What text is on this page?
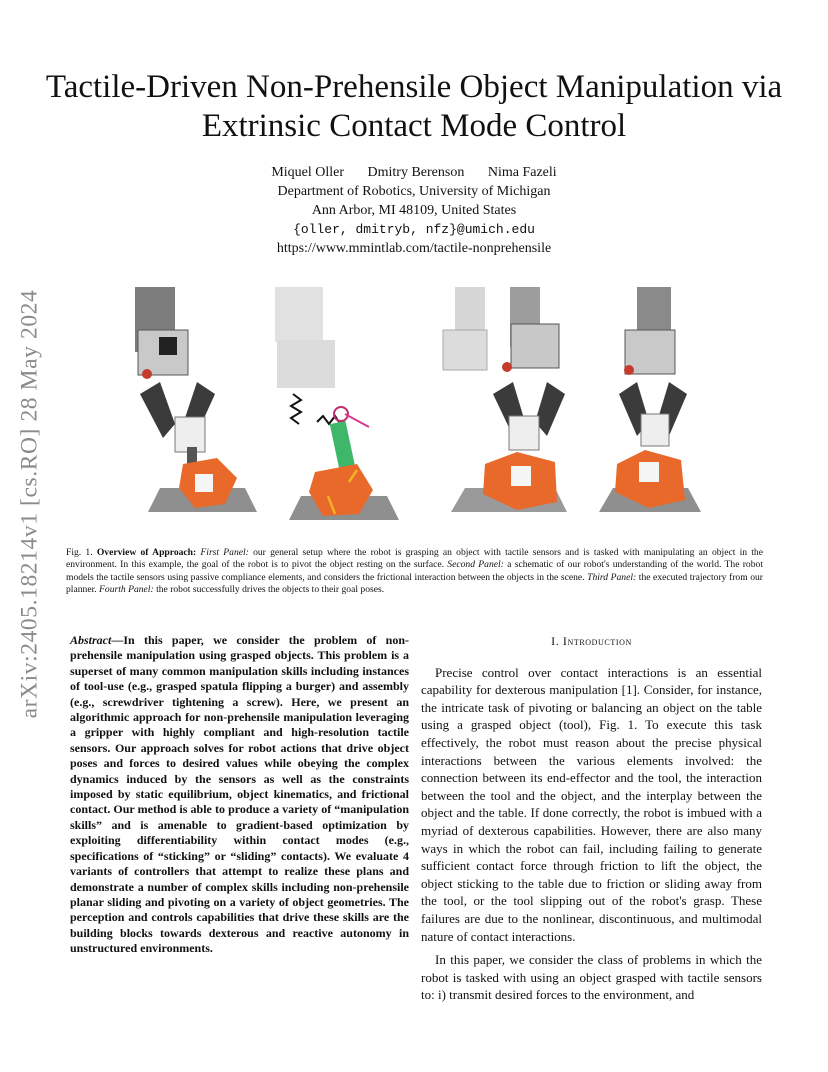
arXiv:2405.18214v1 [cs.RO] 28 May 2024
Tactile-Driven Non-Prehensile Object Manipulation via Extrinsic Contact Mode Control
Miquel Oller Dmitry Berenson Nima Fazeli
Department of Robotics, University of Michigan
Ann Arbor, MI 48109, United States
{oller, dmitryb, nfz}@umich.edu
https://www.mmintlab.com/tactile-nonprehensile
Fig. 1. Overview of Approach: First Panel: our general setup where the robot is grasping an object with tactile sensors and is tasked with manipulating an object in the environment. In this example, the goal of the robot is to pivot the object resting on the surface. Second Panel: a schematic of our robot's understanding of the world. The robot models the tactile sensors using passive compliance elements, and considers the frictional interaction between the objects in the scene. Third Panel: the executed trajectory from our planner. Fourth Panel: the robot successfully drives the objects to their goal poses.
Abstract—In this paper, we consider the problem of non-prehensile manipulation using grasped objects. This problem is a superset of many common manipulation skills including instances of tool-use (e.g., grasped spatula flipping a burger) and assembly (e.g., screwdriver tightening a screw). Here, we present an algorithmic approach for non-prehensile manipulation leveraging a gripper with highly compliant and high-resolution tactile sensors. Our approach solves for robot actions that drive object poses and forces to desired values while obeying the complex dynamics induced by the sensors as well as the constraints imposed by static equilibrium, object kinematics, and frictional contact. Our method is able to produce a variety of “manipulation skills” and is amenable to gradient-based optimization by exploiting differentiability within contact modes (e.g., specifications of “sticking” or “sliding” contacts). We evaluate 4 variants of controllers that attempt to realize these plans and demonstrate a number of complex skills including non-prehensile planar sliding and pivoting on a variety of object geometries. The perception and controls capabilities that drive these skills are the building blocks towards dexterous and reactive autonomy in unstructured environments.
I. Introduction

Precise control over contact interactions is an essential capability for dexterous manipulation [1]. Consider, for instance, the intricate task of pivoting or balancing an object on the table using a grasped object (tool), Fig. 1. To execute this task effectively, the robot must reason about the precise physical interactions between the various elements involved: the connection between its end-effector and the tool, the interaction between the tool and the object, and the interplay between the object and the table. If done correctly, the robot is imbued with a myriad of dexterous capabilities. However, there are also many ways in which the robot can fail, including failing to generate sufficient contact force through friction to lift the object, the object sticking to the table due to friction or sliding away from the tool, or the tool slipping out of the robot's grasp. These failures are due to the nonlinear, discontinuous, and multimodal nature of contact interactions.

In this paper, we consider the class of problems in which the robot is tasked with using an object grasped with tactile sensors to: i) transmit desired forces to the environment, and
